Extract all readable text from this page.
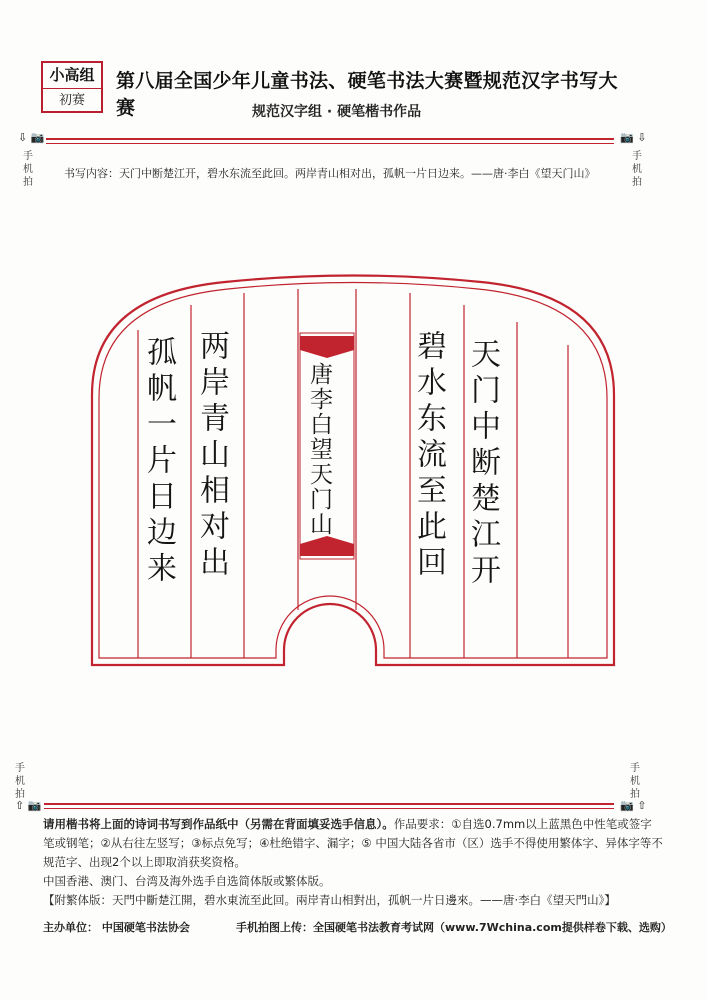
小高组
初赛
第八届全国少年儿童书法、硬笔书法大赛暨规范汉字书写大赛	规范汉字组 · 硬笔楷书作品
⇩ 📷
手机拍
📷 ⇩
手机拍
书写内容：天门中断楚江开，碧水东流至此回。两岸青山相对出，孤帆一片日边来。——唐·李白《望天门山》
天门中断楚江开
碧水东流至此回
唐李白望天门山
两岸青山相对出
孤帆一片日边来
手机拍
⇧ 📷
手机拍
📷 ⇧
请用楷书将上面的诗词书写到作品纸中（另需在背面填妥选手信息）。作品要求：①自选0.7mm以上蓝黑色中性笔或签字笔或钢笔；②从右往左竖写；③标点免写；④杜绝错字、漏字；⑤ 中国大陆各省市（区）选手不得使用繁体字、异体字等不规范字、出现2个以上即取消获奖资格。
中国香港、澳门、台湾及海外选手自选简体版或繁体版。
【附繁体版：天門中斷楚江開，碧水東流至此回。兩岸青山相對出，孤帆一片日邊來。——唐·李白《望天門山》】
主办单位： 中国硬笔书法协会	手机拍图上传：全国硬笔书法教育考试网（www.7Wchina.com提供样卷下载、选购）
